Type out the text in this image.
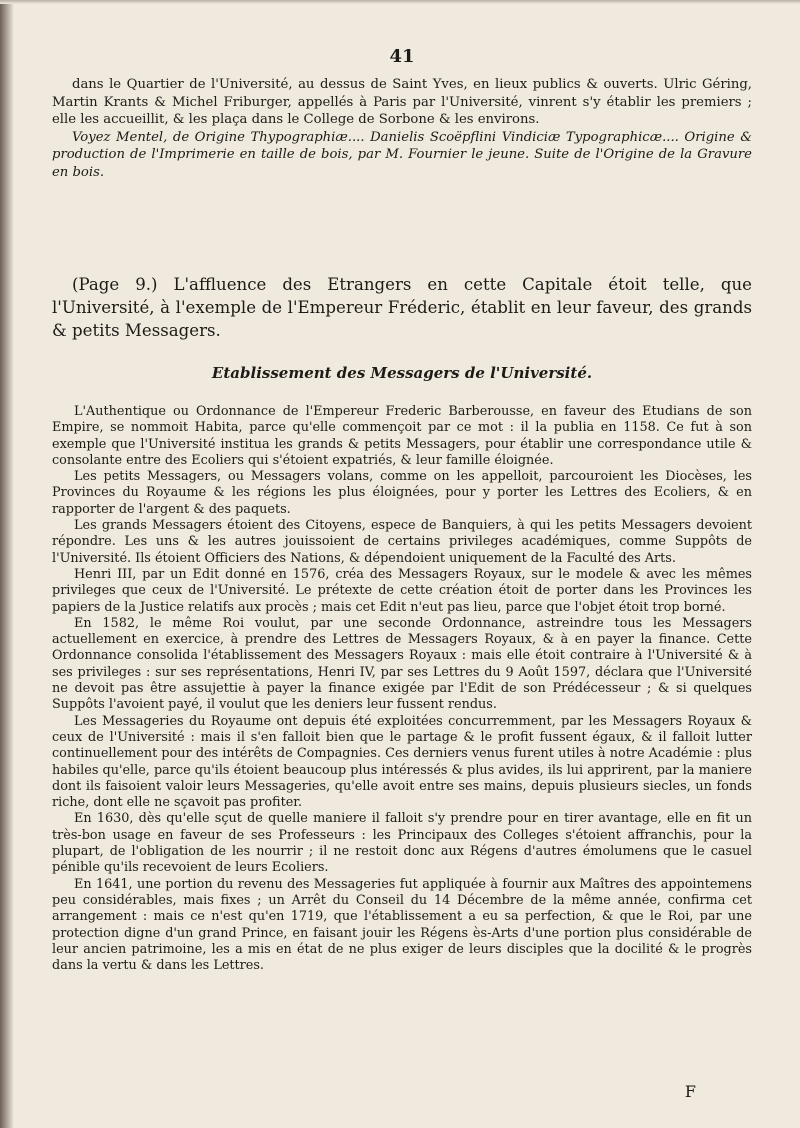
41

dans le Quartier de l'Université, au dessus de Saint Yves, en lieux publics & ouverts. Ulric Géring, Martin Krants & Michel Friburger, appellés à Paris par l'Université, vinrent s'y établir les premiers ; elle les accueillit, & les plaça dans le College de Sorbone & les environs.

Voyez Mentel, de Origine Thypographiæ.... Danielis Scoëpflini Vindiciæ Typographicæ.... Origine & production de l'Imprimerie en taille de bois, par M. Fournier le jeune. Suite de l'Origine de la Gravure en bois.

(Page 9.) L'affluence des Etrangers en cette Capitale étoit telle, que l'Université, à l'exemple de l'Empereur Fréderic, établit en leur faveur, des grands & petits Messagers.

Etablissement des Messagers de l'Université.

L'Authentique ou Ordonnance de l'Empereur Frederic Barberousse, en faveur des Etudians de son Empire, se nommoit Habita, parce qu'elle commençoit par ce mot : il la publia en 1158. Ce fut à son exemple que l'Université institua les grands & petits Messagers, pour établir une correspondance utile & consolante entre des Ecoliers qui s'étoient expatriés, & leur famille éloignée.

Les petits Messagers, ou Messagers volans, comme on les appelloit, parcouroient les Diocèses, les Provinces du Royaume & les régions les plus éloignées, pour y porter les Lettres des Ecoliers, & en rapporter de l'argent & des paquets.

Les grands Messagers étoient des Citoyens, espece de Banquiers, à qui les petits Messagers devoient répondre. Les uns & les autres jouissoient de certains privileges académiques, comme Suppôts de l'Université. Ils étoient Officiers des Nations, & dépendoient uniquement de la Faculté des Arts.

Henri III, par un Edit donné en 1576, créa des Messagers Royaux, sur le modele & avec les mêmes privileges que ceux de l'Université. Le prétexte de cette création étoit de porter dans les Provinces les papiers de la Justice relatifs aux procès ; mais cet Edit n'eut pas lieu, parce que l'objet étoit trop borné.

En 1582, le même Roi voulut, par une seconde Ordonnance, astreindre tous les Messagers actuellement en exercice, à prendre des Lettres de Messagers Royaux, & à en payer la finance. Cette Ordonnance consolida l'établissement des Messagers Royaux : mais elle étoit contraire à l'Université & à ses privileges : sur ses représentations, Henri IV, par ses Lettres du 9 Août 1597, déclara que l'Université ne devoit pas être assujettie à payer la finance exigée par l'Edit de son Prédécesseur ; & si quelques Suppôts l'avoient payé, il voulut que les deniers leur fussent rendus.

Les Messageries du Royaume ont depuis été exploitées concurremment, par les Messagers Royaux & ceux de l'Université : mais il s'en falloit bien que le partage & le profit fussent égaux, & il falloit lutter continuellement pour des intérêts de Compagnies. Ces derniers venus furent utiles à notre Académie : plus habiles qu'elle, parce qu'ils étoient beaucoup plus intéressés & plus avides, ils lui apprirent, par la maniere dont ils faisoient valoir leurs Messageries, qu'elle avoit entre ses mains, depuis plusieurs siecles, un fonds riche, dont elle ne sçavoit pas profiter.

En 1630, dès qu'elle sçut de quelle maniere il falloit s'y prendre pour en tirer avantage, elle en fit un très-bon usage en faveur de ses Professeurs : les Principaux des Colleges s'étoient affranchis, pour la plupart, de l'obligation de les nourrir ; il ne restoit donc aux Régens d'autres émolumens que le casuel pénible qu'ils recevoient de leurs Ecoliers.

En 1641, une portion du revenu des Messageries fut appliquée à fournir aux Maîtres des appointemens peu considérables, mais fixes ; un Arrêt du Conseil du 14 Décembre de la même année, confirma cet arrangement : mais ce n'est qu'en 1719, que l'établissement a eu sa perfection, & que le Roi, par une protection digne d'un grand Prince, en faisant jouir les Régens ès-Arts d'une portion plus considérable de leur ancien patrimoine, les a mis en état de ne plus exiger de leurs disciples que la docilité & le progrès dans la vertu & dans les Lettres.

F
